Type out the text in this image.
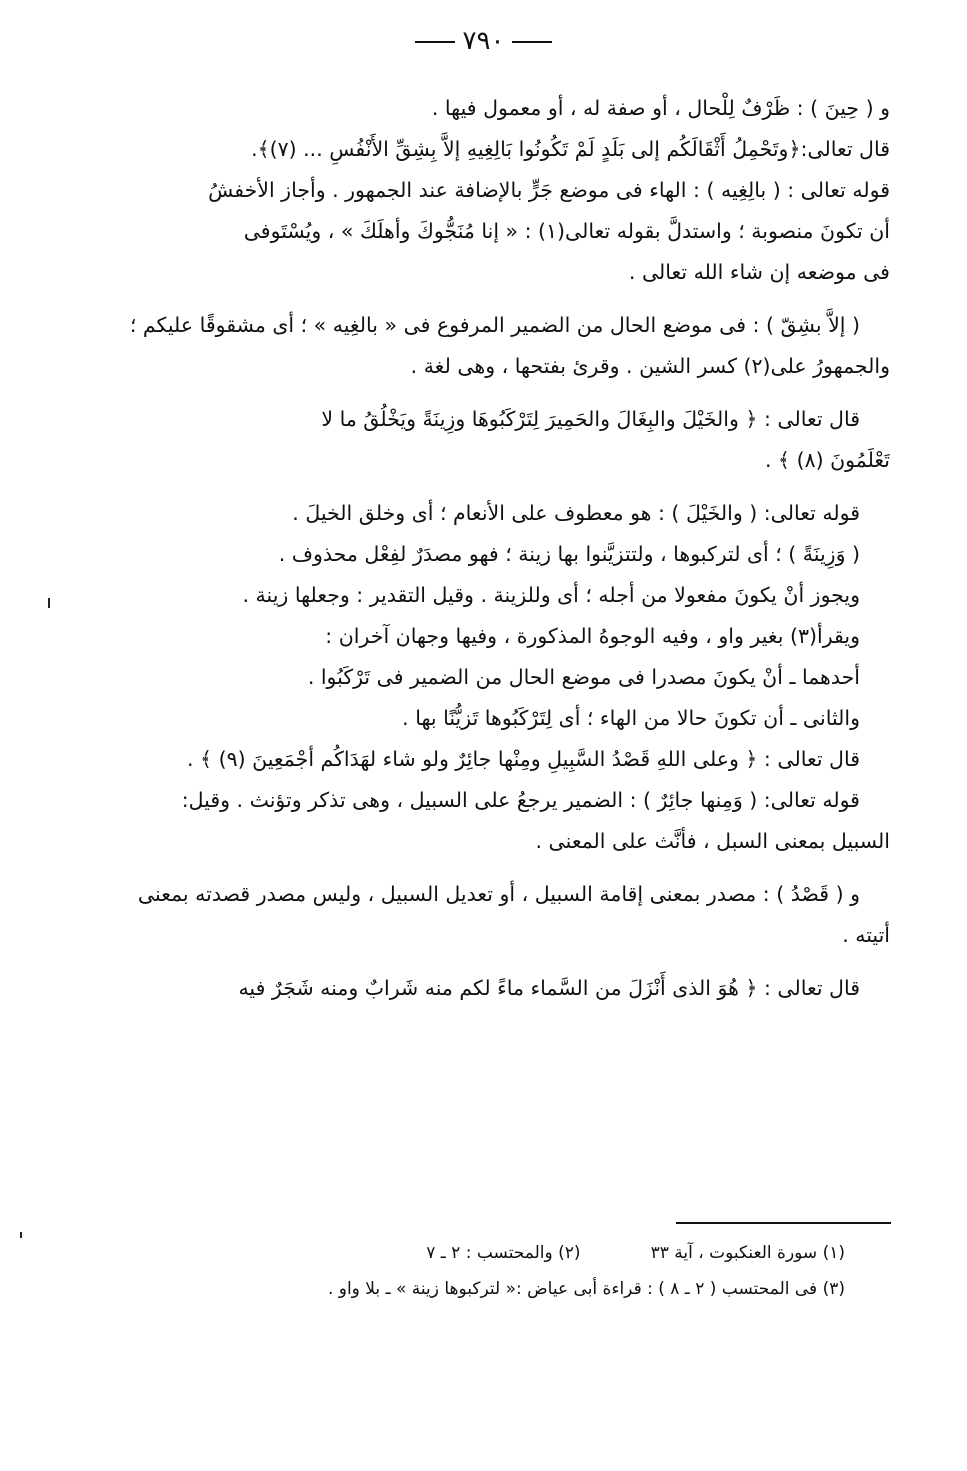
٧٩٠
و ( حِينَ ) : ظَرْفٌ لِلْحال ، أو صفة له ، أو معمول فيها .
قال تعالى:﴿وتَحْمِلُ أَثْقَالَكُم إلى بَلَدٍ لَمْ تَكُونُوا بَالِغِيهِ إلاَّ بِشِقِّ الأَنْفُسِ ... (٧)﴾.
قوله تعالى : ( بالِغِيه ) : الهاء فى موضع جَرٍّ بالإضافة عند الجمهور . وأجاز الأخفشُ
أن تكونَ منصوبة ؛ واستدلَّ بقوله تعالى(١) : « إنا مُنَجُّوكَ وأهلَكَ » ، ويُسْتَوفى
فى موضعه إن شاء الله تعالى .
( إلاَّ بشِقّ ) : فى موضع الحال من الضمير المرفوع فى « بالغِيه » ؛ أى مشقوقًا عليكم ؛
والجمهورُ على(٢) كسر الشين . وقرئ بفتحها ، وهى لغة .
قال تعالى : ﴿ والخَيْلَ والبِغَالَ والحَمِيرَ لِتَرْكَبُوهَا وزِينَةً ويَخْلُقُ ما لا
تَعْلَمُونَ (٨) ﴾ .
قوله تعالى: ( والخَيْلَ ) : هو معطوف على الأنعام ؛ أى وخلق الخيلَ .
( وَزِينَةً ) ؛ أى لتركبوها ، ولتتزيَّنوا بها زينة ؛ فهو مصدَرٌ لفِعْل محذوف .
ويجوز أنْ يكونَ مفعولا من أجله ؛ أى وللزينة . وقيل التقدير : وجعلها زينة .
ويقرأ(٣) بغير واو ، وفيه الوجوهُ المذكورة ، وفيها وجهان آخران :
أحدهما ـ أنْ يكونَ مصدرا فى موضع الحال من الضمير فى تَرْكَبُوا .
والثانى ـ أن تكونَ حالا من الهاء ؛ أى لِتَرْكَبُوها تَزيُّنًا بها .
قال تعالى : ﴿ وعلى اللهِ قَصْدُ السَّبِيلِ ومِنْها جائِرٌ ولو شاء لهَدَاكُم أجْمَعِينَ (٩) ﴾ .
قوله تعالى: ( وَمِنها جائِرٌ ) : الضمير يرجعُ على السبيل ، وهى تذكر وتؤنث . وقيل:
السبيل بمعنى السبل ، فأنَّث على المعنى .
و ( قَصْدُ ) : مصدر بمعنى إقامة السبيل ، أو تعديل السبيل ، وليس مصدر قصدته بمعنى
أتيته .
قال تعالى : ﴿ هُوَ الذى أَنْزَلَ من السَّماء ماءً لكم منه شَرابٌ ومنه شَجَرٌ فيه
(١) سورة العنكبوت ، آية ٣٣(٢) والمحتسب : ٢ ـ ٧
(٣) فى المحتسب ( ٢ ـ ٨ ) : قراءة أبى عياض :« لتركبوها زينة » ـ بلا واو .
